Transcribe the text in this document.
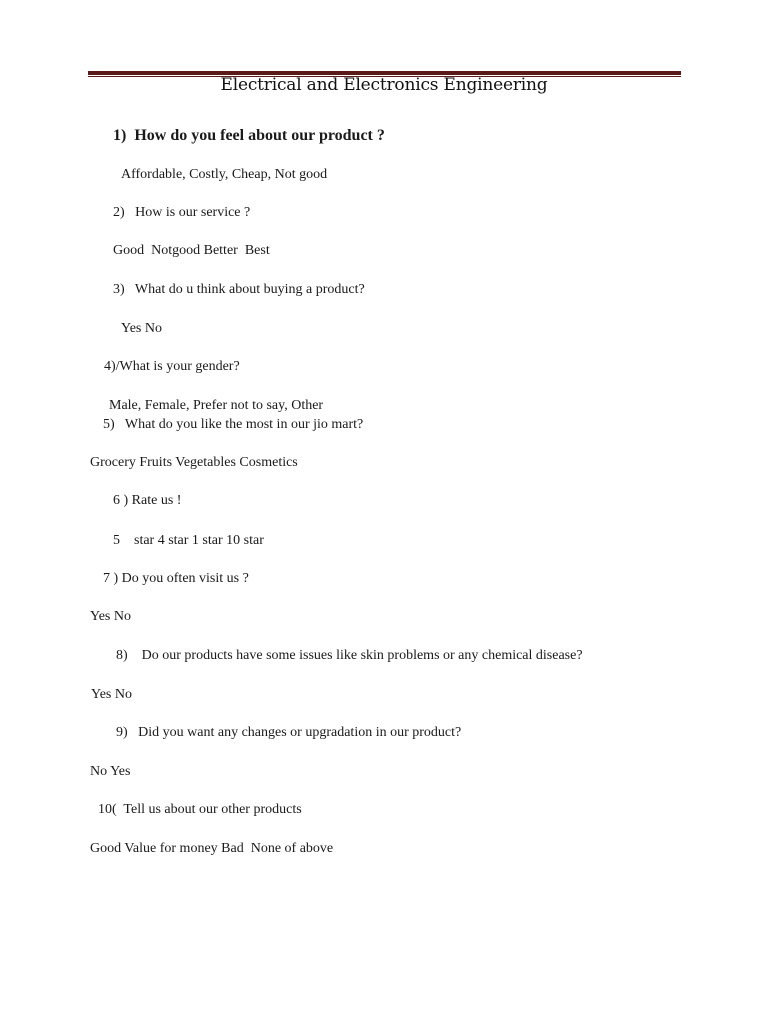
Electrical and Electronics Engineering
1)  How do you feel about our product ?
Affordable, Costly, Cheap, Not good
2)   How is our service ?
Good  Notgood Better  Best
3)   What do u think about buying a product?
Yes No
4)/What is your gender?
Male, Female, Prefer not to say, Other
5)   What do you like the most in our jio mart?
Grocery Fruits Vegetables Cosmetics
6 ) Rate us !
5    star 4 star 1 star 10 star
7 ) Do you often visit us ?
Yes No
8)    Do our products have some issues like skin problems or any chemical disease?
Yes No
9)   Did you want any changes or upgradation in our product?
No Yes
10(  Tell us about our other products
Good Value for money Bad  None of above
